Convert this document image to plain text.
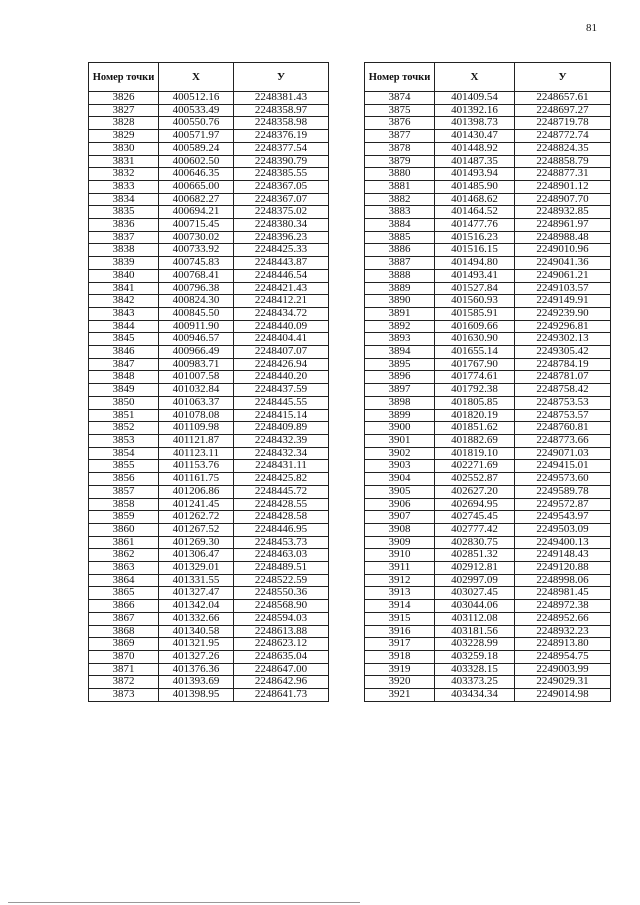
81
Номер точки	X	У
3826	400512.16	2248381.43
3827	400533.49	2248358.97
3828	400550.76	2248358.98
3829	400571.97	2248376.19
3830	400589.24	2248377.54
3831	400602.50	2248390.79
3832	400646.35	2248385.55
3833	400665.00	2248367.05
3834	400682.27	2248367.07
3835	400694.21	2248375.02
3836	400715.45	2248380.34
3837	400730.02	2248396.23
3838	400733.92	2248425.33
3839	400745.83	2248443.87
3840	400768.41	2248446.54
3841	400796.38	2248421.43
3842	400824.30	2248412.21
3843	400845.50	2248434.72
3844	400911.90	2248440.09
3845	400946.57	2248404.41
3846	400966.49	2248407.07
3847	400983.71	2248426.94
3848	401007.58	2248440.20
3849	401032.84	2248437.59
3850	401063.37	2248445.55
3851	401078.08	2248415.14
3852	401109.98	2248409.89
3853	401121.87	2248432.39
3854	401123.11	2248432.34
3855	401153.76	2248431.11
3856	401161.75	2248425.82
3857	401206.86	2248445.72
3858	401241.45	2248428.55
3859	401262.72	2248428.58
3860	401267.52	2248446.95
3861	401269.30	2248453.73
3862	401306.47	2248463.03
3863	401329.01	2248489.51
3864	401331.55	2248522.59
3865	401327.47	2248550.36
3866	401342.04	2248568.90
3867	401332.66	2248594.03
3868	401340.58	2248613.88
3869	401321.95	2248623.12
3870	401327.26	2248635.04
3871	401376.36	2248647.00
3872	401393.69	2248642.96
3873	401398.95	2248641.73
Номер точки	X	У
3874	401409.54	2248657.61
3875	401392.16	2248697.27
3876	401398.73	2248719.78
3877	401430.47	2248772.74
3878	401448.92	2248824.35
3879	401487.35	2248858.79
3880	401493.94	2248877.31
3881	401485.90	2248901.12
3882	401468.62	2248907.70
3883	401464.52	2248932.85
3884	401477.76	2248961.97
3885	401516.23	2248988.48
3886	401516.15	2249010.96
3887	401494.80	2249041.36
3888	401493.41	2249061.21
3889	401527.84	2249103.57
3890	401560.93	2249149.91
3891	401585.91	2249239.90
3892	401609.66	2249296.81
3893	401630.90	2249302.13
3894	401655.14	2249305.42
3895	401767.90	2248784.19
3896	401774.61	2248781.07
3897	401792.38	2248758.42
3898	401805.85	2248753.53
3899	401820.19	2248753.57
3900	401851.62	2248760.81
3901	401882.69	2248773.66
3902	401819.10	2249071.03
3903	402271.69	2249415.01
3904	402552.87	2249573.60
3905	402627.20	2249589.78
3906	402694.95	2249572.87
3907	402745.45	2249543.97
3908	402777.42	2249503.09
3909	402830.75	2249400.13
3910	402851.32	2249148.43
3911	402912.81	2249120.88
3912	402997.09	2248998.06
3913	403027.45	2248981.45
3914	403044.06	2248972.38
3915	403112.08	2248952.66
3916	403181.56	2248932.23
3917	403228.99	2248913.80
3918	403259.18	2248954.75
3919	403328.15	2249003.99
3920	403373.25	2249029.31
3921	403434.34	2249014.98
